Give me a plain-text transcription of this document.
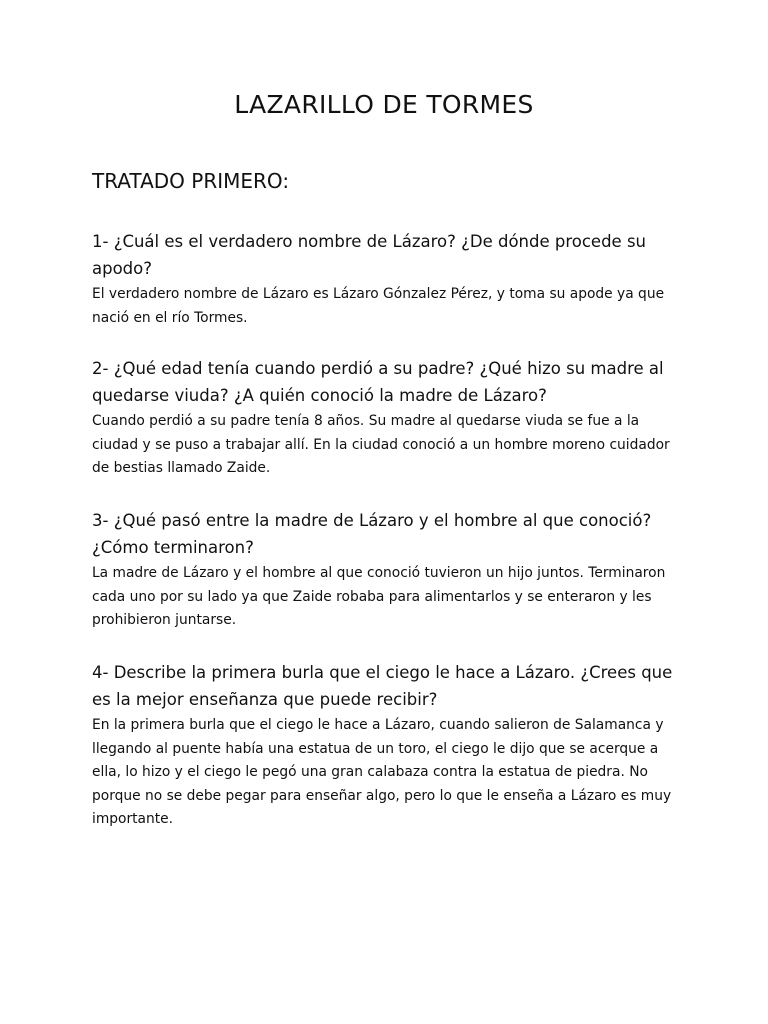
LAZARILLO DE TORMES
TRATADO PRIMERO:

1- ¿Cuál es el verdadero nombre de Lázaro? ¿De dónde procede su apodo?

El verdadero nombre de Lázaro es Lázaro Gónzalez Pérez, y toma su apode ya que nació en el río Tormes.

2- ¿Qué edad tenía cuando perdió a su padre? ¿Qué hizo su madre al quedarse viuda? ¿A quién conoció la madre de Lázaro?

Cuando perdió a su padre tenía 8 años. Su madre al quedarse viuda se fue a la ciudad y se puso a trabajar allí. En la ciudad conoció a un hombre moreno cuidador de bestias llamado Zaide.

3- ¿Qué pasó entre la madre de Lázaro y el hombre al que conoció? ¿Cómo terminaron?

La madre de Lázaro y el hombre al que conoció tuvieron un hijo juntos. Terminaron cada uno por su lado ya que Zaide robaba para alimentarlos y se enteraron y les prohibieron juntarse.

4- Describe la primera burla que el ciego le hace a Lázaro. ¿Crees que es la mejor enseñanza que puede recibir?

En la primera burla que el ciego le hace a Lázaro, cuando salieron de Salamanca y llegando al puente había una estatua de un toro, el ciego le dijo que se acerque a ella, lo hizo y el ciego le pegó una gran calabaza contra la estatua de piedra. No porque no se debe pegar para enseñar algo, pero lo que le enseña a Lázaro es muy importante.
